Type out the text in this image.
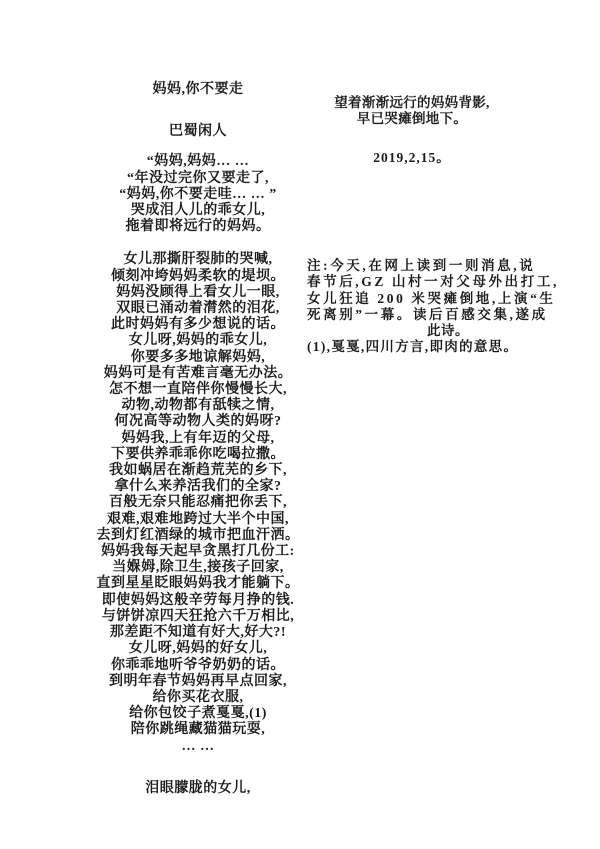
妈妈,你不要走
巴蜀闲人
“妈妈,妈妈… …
“年没过完你又要走了,
“妈妈,你不要走哇… … ”
哭成泪人儿的乖女儿,
拖着即将远行的妈妈。
女儿那撕肝裂肺的哭喊,
倾刻冲垮妈妈柔软的堤坝。
妈妈没顾得上看女儿一眼,
双眼已涌动着潸然的泪花,
此时妈妈有多少想说的话。
女儿呀,妈妈的乖女儿,
你要多多地谅解妈妈,
妈妈可是有苦难言毫无办法。
怎不想一直陪伴你慢慢长大,
动物,动物都有舐犊之情,
何况高等动物人类的妈呀?
妈妈我,上有年迈的父母,
下要供养乖乖你吃喝拉撒。
我如蜗居在渐趋荒芜的乡下,
拿什么来养活我们的全家?
百般无奈只能忍痛把你丢下,
艰难,艰难地跨过大半个中国,
去到灯红酒绿的城市把血汗洒。
妈妈我每天起早贪黑打几份工:
当媬姆,除卫生,接孩子回家,
直到星星眨眼妈妈我才能躺下。
即使妈妈这般辛劳每月挣的钱.
与饼饼凉四天狂抢六千万相比,
那差距不知道有好大,好大?!
女儿呀,妈妈的好女儿,
你乖乖地听爷爷奶奶的话。
到明年春节妈妈再早点回家,
给你买花衣服,
给你包饺子煮戛戛,(1)
陪你跳绳藏猫猫玩耍,
… …
泪眼朦胧的女儿,
望着渐渐远行的妈妈背影,
早已哭瘫倒地下。
2019,2,15。
注:今天,在网上读到一则消息,说
春节后,GZ 山村一对父母外出打工,
女儿狂追 200 米哭瘫倒地,上演“生
死离别”一幕。读后百感交集,遂成
此诗。
(1),戛戛,四川方言,即肉的意思。
